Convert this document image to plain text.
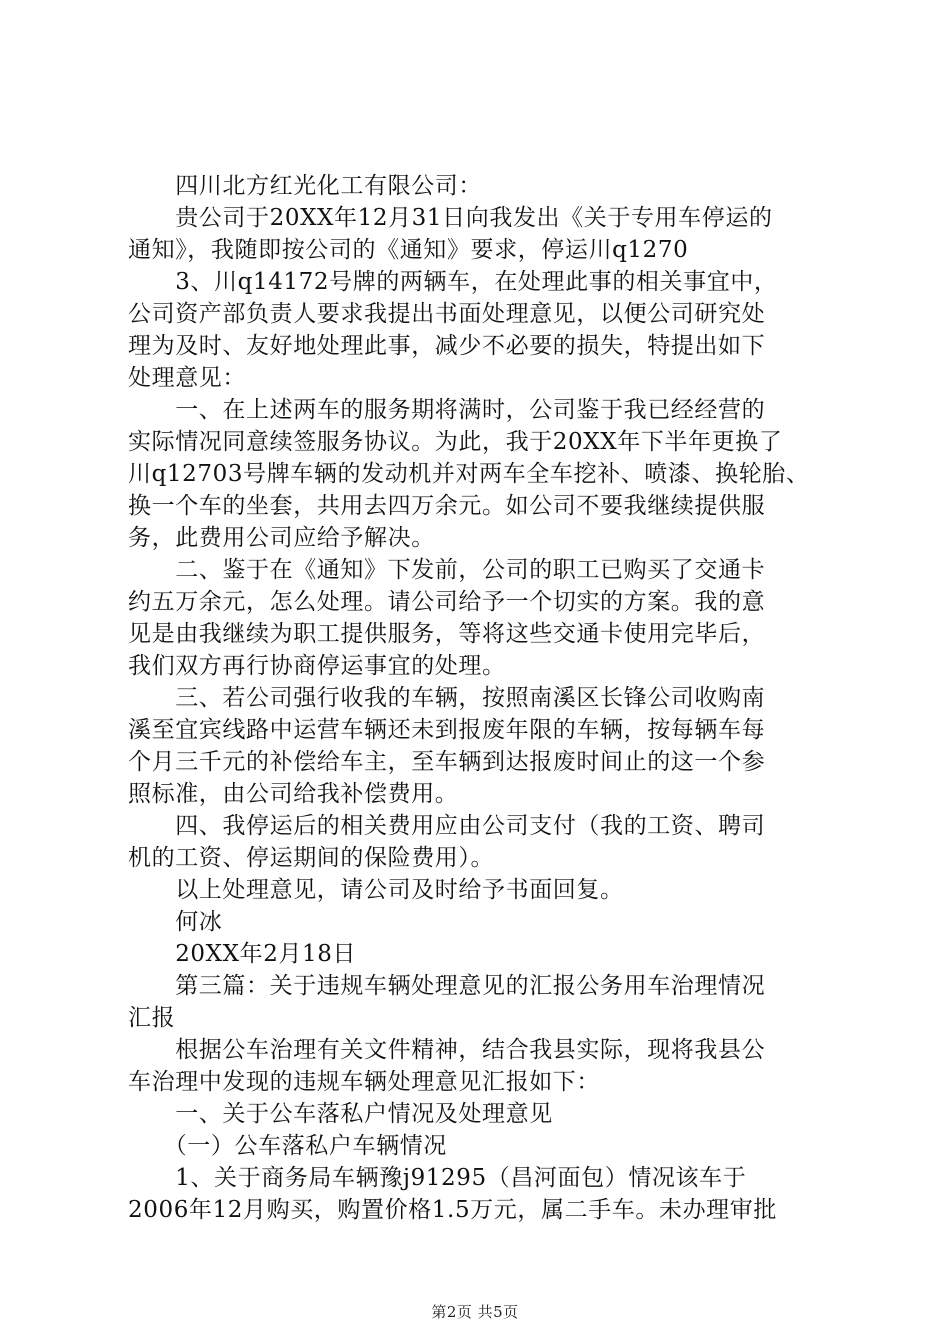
　　四川北方红光化工有限公司：
　　贵公司于20XX年12月31日向我发出《关于专用车停运的
通知》，我随即按公司的《通知》要求，停运川q1270
　　3、川q14172号牌的两辆车，在处理此事的相关事宜中，
公司资产部负责人要求我提出书面处理意见，以便公司研究处
理为及时、友好地处理此事，减少不必要的损失，特提出如下
处理意见：
　　一、在上述两车的服务期将满时，公司鉴于我已经经营的
实际情况同意续签服务协议。为此，我于20XX年下半年更换了
川q12703号牌车辆的发动机并对两车全车挖补、喷漆、换轮胎、
换一个车的坐套，共用去四万余元。如公司不要我继续提供服
务，此费用公司应给予解决。
　　二、鉴于在《通知》下发前，公司的职工已购买了交通卡
约五万余元，怎么处理。请公司给予一个切实的方案。我的意
见是由我继续为职工提供服务，等将这些交通卡使用完毕后，
我们双方再行协商停运事宜的处理。
　　三、若公司强行收我的车辆，按照南溪区长锋公司收购南
溪至宜宾线路中运营车辆还未到报废年限的车辆，按每辆车每
个月三千元的补偿给车主，至车辆到达报废时间止的这一个参
照标准，由公司给我补偿费用。
　　四、我停运后的相关费用应由公司支付（我的工资、聘司
机的工资、停运期间的保险费用）。
　　以上处理意见，请公司及时给予书面回复。
　　何冰
　　20XX年2月18日
　　第三篇：关于违规车辆处理意见的汇报公务用车治理情况
汇报
　　根据公车治理有关文件精神，结合我县实际，现将我县公
车治理中发现的违规车辆处理意见汇报如下：
　　一、关于公车落私户情况及处理意见
　　（一）公车落私户车辆情况
　　1、关于商务局车辆豫j91295（昌河面包）情况该车于
2006年12月购买，购置价格1.5万元，属二手车。未办理审批
第2页 共5页
